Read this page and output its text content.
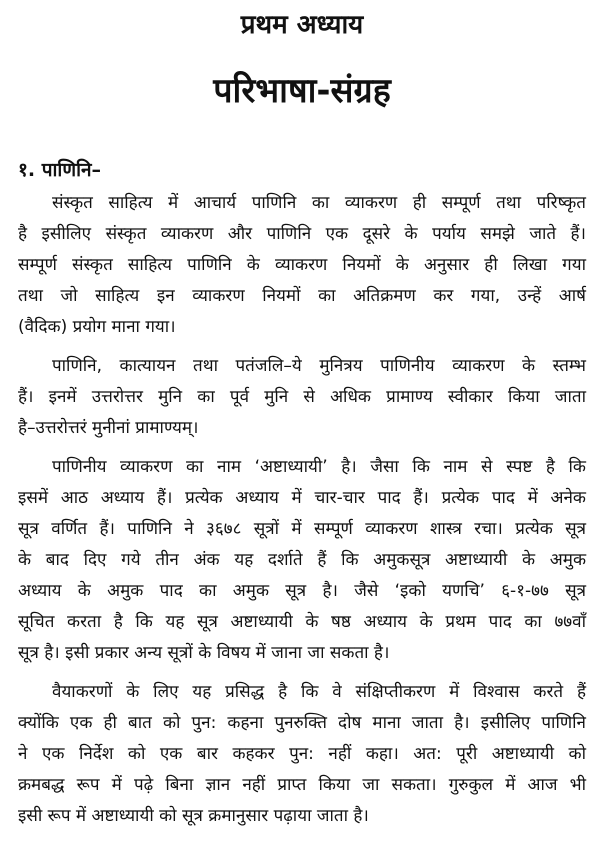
प्रथम अध्याय
परिभाषा-संग्रह
१. पाणिनि–
संस्कृत साहित्य में आचार्य पाणिनि का व्याकरण ही सम्पूर्ण तथा परिष्कृत
है इसीलिए संस्कृत व्याकरण और पाणिनि एक दूसरे के पर्याय समझे जाते हैं।
सम्पूर्ण संस्कृत साहित्य पाणिनि के व्याकरण नियमों के अनुसार ही लिखा गया
तथा जो साहित्य इन व्याकरण नियमों का अतिक्रमण कर गया, उन्हें आर्ष
(वैदिक) प्रयोग माना गया।
पाणिनि, कात्यायन तथा पतंजलि–ये मुनित्रय पाणिनीय व्याकरण के स्तम्भ
हैं। इनमें उत्तरोत्तर मुनि का पूर्व मुनि से अधिक प्रामाण्य स्वीकार किया जाता
है–उत्तरोत्तरं मुनीनां प्रामाण्यम्।
पाणिनीय व्याकरण का नाम ‘अष्टाध्यायी’ है। जैसा कि नाम से स्पष्ट है कि
इसमें आठ अध्याय हैं। प्रत्येक अध्याय में चार-चार पाद हैं। प्रत्येक पाद में अनेक
सूत्र वर्णित हैं। पाणिनि ने ३६७८ सूत्रों में सम्पूर्ण व्याकरण शास्त्र रचा। प्रत्येक सूत्र
के बाद दिए गये तीन अंक यह दर्शाते हैं कि अमुकसूत्र अष्टाध्यायी के अमुक
अध्याय के अमुक पाद का अमुक सूत्र है। जैसे ‘इको यणचि’ ६-१-७७ सूत्र
सूचित करता है कि यह सूत्र अष्टाध्यायी के षष्ठ अध्याय के प्रथम पाद का ७७वाँ
सूत्र है। इसी प्रकार अन्य सूत्रों के विषय में जाना जा सकता है।
वैयाकरणों के लिए यह प्रसिद्ध है कि वे संक्षिप्तीकरण में विश्वास करते हैं
क्योंकि एक ही बात को पुन: कहना पुनरुक्ति दोष माना जाता है। इसीलिए पाणिनि
ने एक निर्देश को एक बार कहकर पुन: नहीं कहा। अत: पूरी अष्टाध्यायी को
क्रमबद्ध रूप में पढ़े बिना ज्ञान नहीं प्राप्त किया जा सकता। गुरुकुल में आज भी
इसी रूप में अष्टाध्यायी को सूत्र क्रमानुसार पढ़ाया जाता है।
